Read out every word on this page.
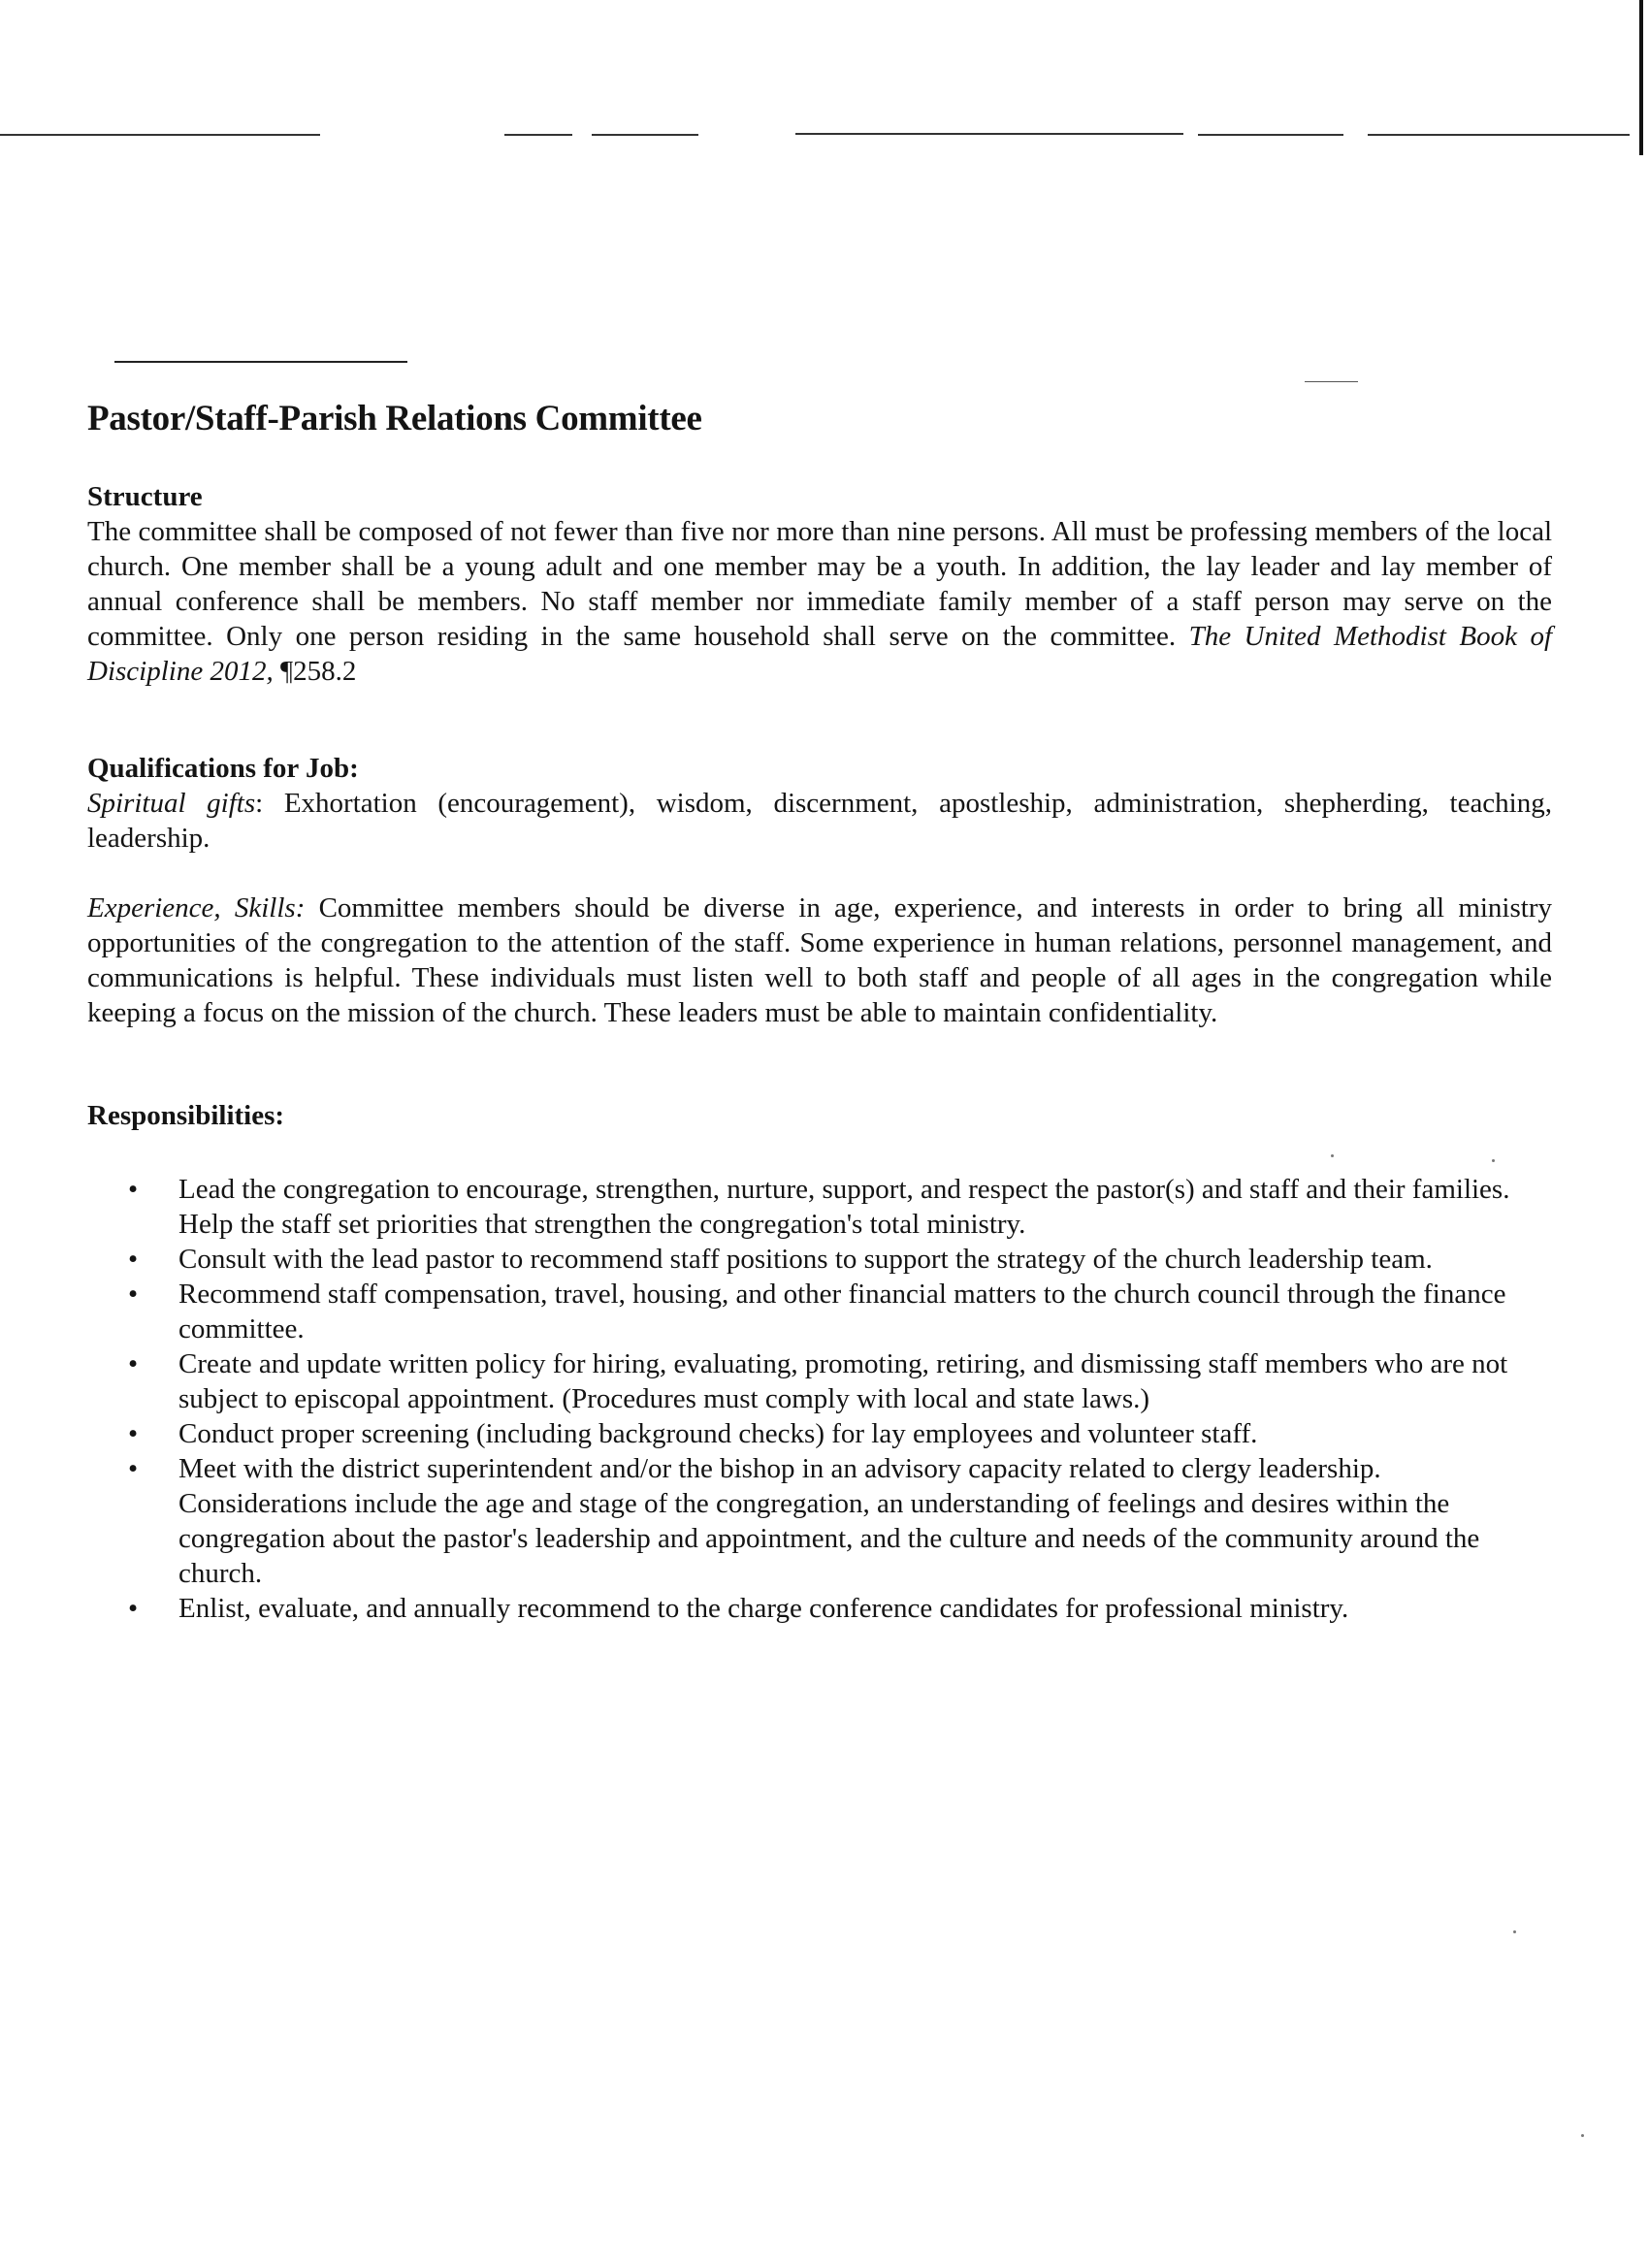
Pastor/Staff-Parish Relations Committee
Structure

The committee shall be composed of not fewer than five nor more than nine persons. All must be professing members of the local church. One member shall be a young adult and one member may be a youth. In addition, the lay leader and lay member of annual conference shall be members. No staff member nor immediate family member of a staff person may serve on the committee. Only one person residing in the same household shall serve on the committee. The United Methodist Book of Discipline 2012, ¶258.2

Qualifications for Job:

Spiritual gifts: Exhortation (encouragement), wisdom, discernment, apostleship, administration, shepherding, teaching, leadership.

Experience, Skills: Committee members should be diverse in age, experience, and interests in order to bring all ministry opportunities of the congregation to the attention of the staff. Some experience in human relations, personnel management, and communications is helpful. These individuals must listen well to both staff and people of all ages in the congregation while keeping a focus on the mission of the church. These leaders must be able to maintain confidentiality.

Responsibilities:
• Lead the congregation to encourage, strengthen, nurture, support, and respect the pastor(s) and staff and their families. Help the staff set priorities that strengthen the congregation's total ministry.
• Consult with the lead pastor to recommend staff positions to support the strategy of the church leadership team.
• Recommend staff compensation, travel, housing, and other financial matters to the church council through the finance committee.
• Create and update written policy for hiring, evaluating, promoting, retiring, and dismissing staff members who are not subject to episcopal appointment. (Procedures must comply with local and state laws.)
• Conduct proper screening (including background checks) for lay employees and volunteer staff.
• Meet with the district superintendent and/or the bishop in an advisory capacity related to clergy leadership. Considerations include the age and stage of the congregation, an understanding of feelings and desires within the congregation about the pastor's leadership and appointment, and the culture and needs of the community around the church.
• Enlist, evaluate, and annually recommend to the charge conference candidates for professional ministry.
